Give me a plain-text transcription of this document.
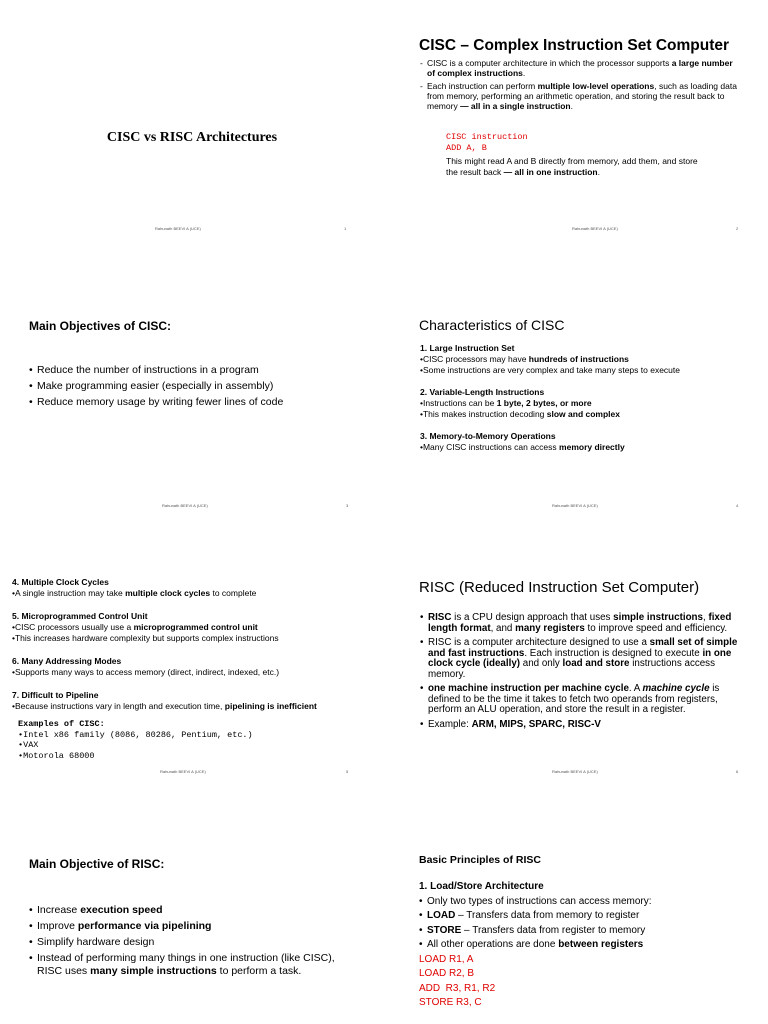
CISC vs RISC Architectures
Rahunath BEEVI A (UCE)	1
CISC – Complex Instruction Set Computer
- CISC is a computer architecture in which the processor supports a large number of complex instructions.
- Each instruction can perform multiple low-level operations, such as loading data from memory, performing an arithmetic operation, and storing the result back to memory — all in a single instruction.
CISC instruction
ADD A, B
This might read A and B directly from memory, add them, and store
the result back — all in one instruction.
Rahunath BEEVI A (UCE)	2
Main Objectives of CISC:
• Reduce the number of instructions in a program
• Make programming easier (especially in assembly)
• Reduce memory usage by writing fewer lines of code
Rahunath BEEVI A (UCE)	3
Characteristics of CISC
1. Large Instruction Set
•CISC processors may have hundreds of instructions
•Some instructions are very complex and take many steps to execute
2. Variable-Length Instructions
•Instructions can be 1 byte, 2 bytes, or more
•This makes instruction decoding slow and complex
3. Memory-to-Memory Operations
•Many CISC instructions can access memory directly
Rahunath BEEVI A (UCE)	4
4. Multiple Clock Cycles
•A single instruction may take multiple clock cycles to complete
5. Microprogrammed Control Unit
•CISC processors usually use a microprogrammed control unit
•This increases hardware complexity but supports complex instructions
6. Many Addressing Modes
•Supports many ways to access memory (direct, indirect, indexed, etc.)
7. Difficult to Pipeline
•Because instructions vary in length and execution time, pipelining is inefficient
Examples of CISC:
•Intel x86 family (8086, 80286, Pentium, etc.)
•VAX
•Motorola 68000
Rahunath BEEVI A (UCE)	5
RISC (Reduced Instruction Set Computer)
• RISC is a CPU design approach that uses simple instructions, fixed length format, and many registers to improve speed and efficiency.
• RISC is a computer architecture designed to use a small set of simple and fast instructions. Each instruction is designed to execute in one clock cycle (ideally) and only load and store instructions access memory.
• one machine instruction per machine cycle. A machine cycle is defined to be the time it takes to fetch two operands from registers, perform an ALU operation, and store the result in a register.
• Example: ARM, MIPS, SPARC, RISC-V
Rahunath BEEVI A (UCE)	6
Main Objective of RISC:
• Increase execution speed
• Improve performance via pipelining
• Simplify hardware design
• Instead of performing many things in one instruction (like CISC), RISC uses many simple instructions to perform a task.
Basic Principles of RISC
1. Load/Store Architecture
• Only two types of instructions can access memory:
• LOAD – Transfers data from memory to register
• STORE – Transfers data from register to memory
• All other operations are done between registers
LOAD R1, A
LOAD R2, B
ADD  R3, R1, R2
STORE R3, C
